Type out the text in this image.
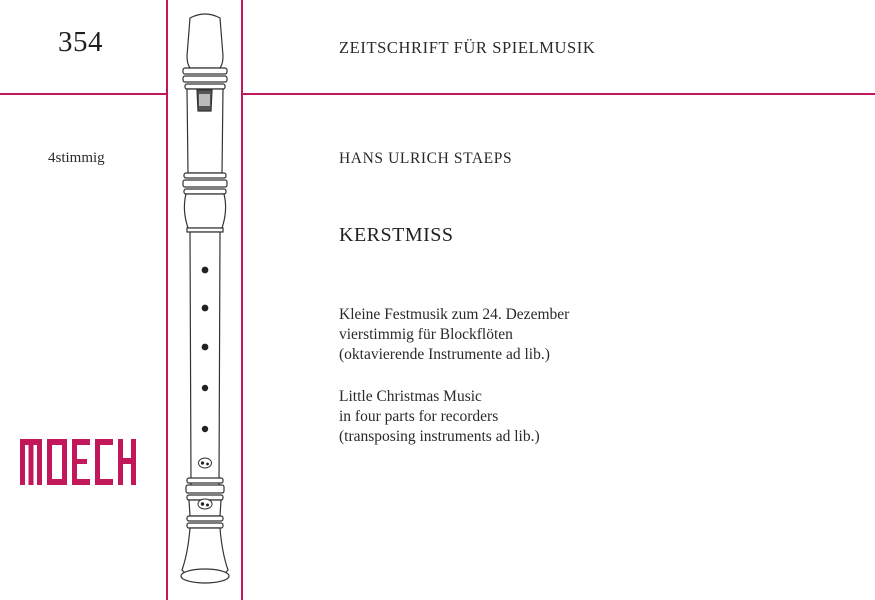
354
4stimmig
ZEITSCHRIFT FÜR SPIELMUSIK
HANS ULRICH STAEPS
KERSTMISS
Kleine Festmusik zum 24. Dezember
vierstimmig für Blockflöten
(oktavierende Instrumente ad lib.)
Little Christmas Music
in four parts for recorders
(transposing instruments ad lib.)
